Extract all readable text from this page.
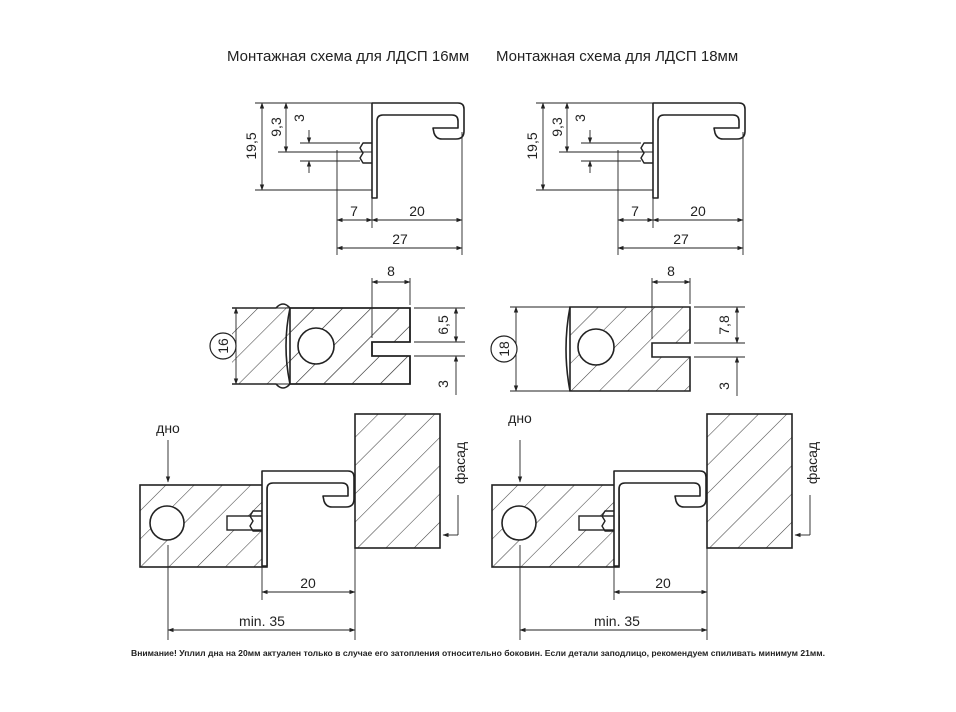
Монтажная схема для ЛДСП 16мм Монтажная схема для ЛДСП 18мм
19,5
9,3 3
7	20
27
19,5
9,3 3
7	20
27
16
8
6,5
3
18
8
7,8
3
дно
фасад
20
min. 35
дно
фасад
20
min. 35
Внимание! Уплил дна на 20мм актуален только в случае его затопления относительно боковин. Если детали заподлицо, рекомендуем спиливать минимум 21мм.
